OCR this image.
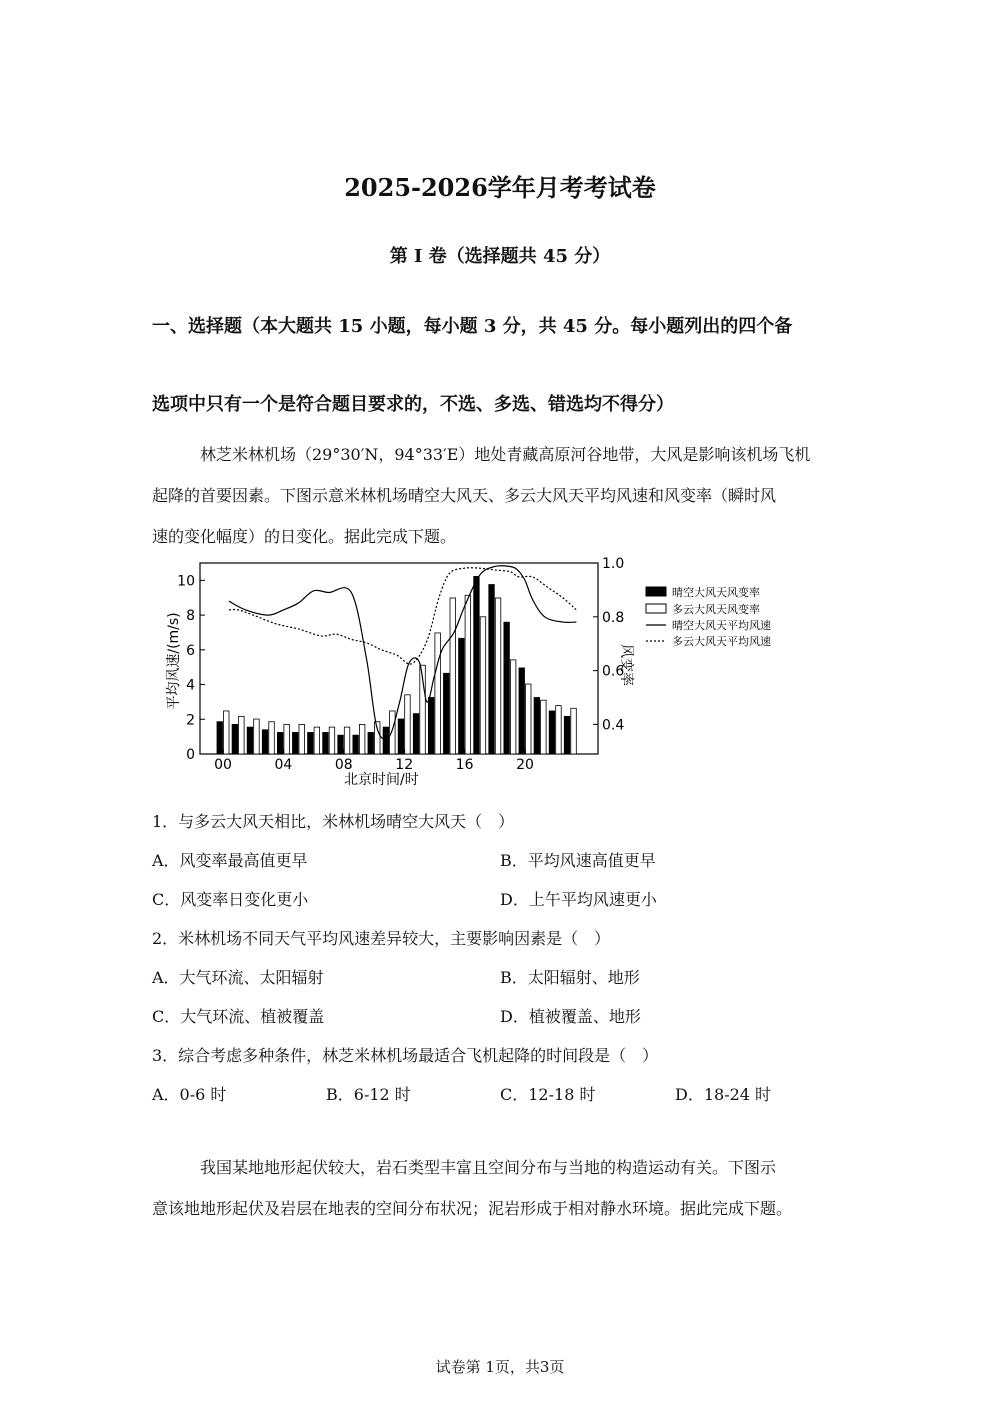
2025-2026学年月考考试卷
第 I 卷（选择题共 45 分）
一、选择题（本大题共 15 小题，每小题 3 分，共 45 分。每小题列出的四个备
选项中只有一个是符合题目要求的，不选、多选、错选均不得分）
林芝米林机场（29°30′N，94°33′E）地处青藏高原河谷地带，大风是影响该机场飞机
起降的首要因素。下图示意米林机场晴空大风天、多云大风天平均风速和风变率（瞬时风
速的变化幅度）的日变化。据此完成下题。
0
2
4
6
8
10
0.4
0.6
0.8
1.0
00	04	08	12	16	20
北京时间/时
平均风速/(m/s)	风变率
晴空大风天风变率
多云大风天风变率
晴空大风天平均风速
多云大风天平均风速
1．与多云大风天相比，米林机场晴空大风天（　）
A．风变率最高值更早	B．平均风速高值更早
C．风变率日变化更小	D．上午平均风速更小
2．米林机场不同天气平均风速差异较大，主要影响因素是（　）
A．大气环流、太阳辐射	B．太阳辐射、地形
C．大气环流、植被覆盖	D．植被覆盖、地形
3．综合考虑多种条件，林芝米林机场最适合飞机起降的时间段是（　）
A．0-6 时	B．6-12 时	C．12-18 时	D．18-24 时
我国某地地形起伏较大，岩石类型丰富且空间分布与当地的构造运动有关。下图示
意该地地形起伏及岩层在地表的空间分布状况；泥岩形成于相对静水环境。据此完成下题。
试卷第 1页，共3页
